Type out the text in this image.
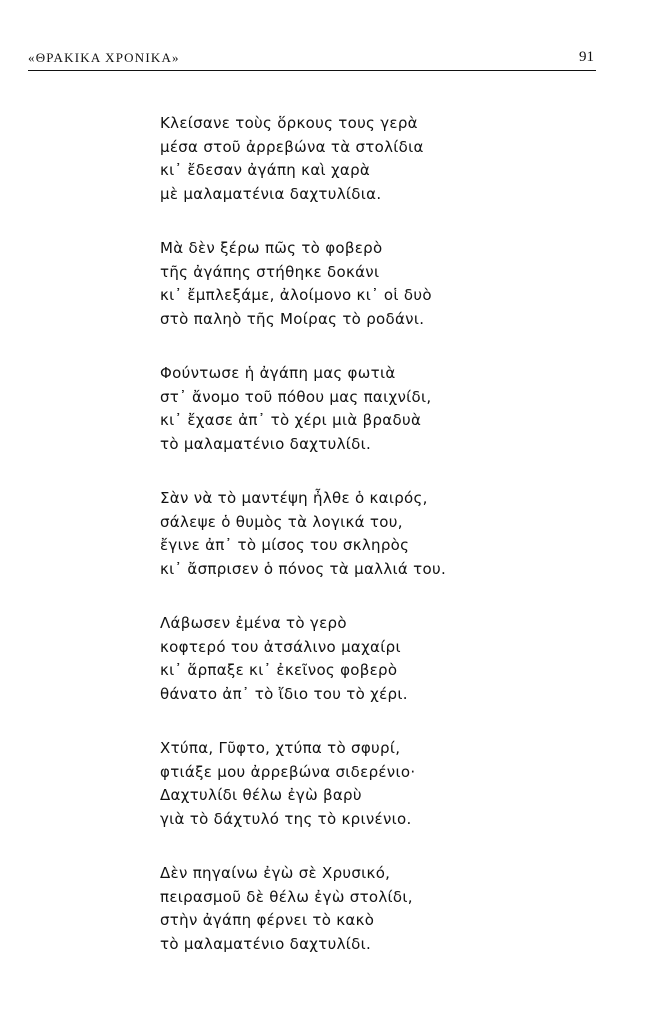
«ΘΡΑΚΙΚΑ ΧΡΟΝΙΚΑ»	91
Κλείσανε τοὺς ὅρκους τους γερὰ
μέσα στοῦ ἀρρεβώνα τὰ στολίδια
κι᾿ ἔδεσαν ἀγάπη καὶ χαρὰ
μὲ μαλαματένια δαχτυλίδια.
Μὰ δὲν ξέρω πῶς τὸ φοβερὸ
τῆς ἀγάπης στήθηκε δοκάνι
κι᾿ ἔμπλεξάμε, ἀλοίμονο κι᾿ οἱ δυὸ
στὸ παληὸ τῆς Μοίρας τὸ ροδάνι.
Φούντωσε ἡ ἀγάπη μας φωτιὰ
στ᾿ ἄνομο τοῦ πόθου μας παιχνίδι,
κι᾿ ἔχασε ἀπ᾿ τὸ χέρι μιὰ βραδυὰ
τὸ μαλαματένιο δαχτυλίδι.
Σὰν νὰ τὸ μαντέψη ἦλθε ὁ καιρός,
σάλεψε ὁ θυμὸς τὰ λογικά του,
ἔγινε ἀπ᾿ τὸ μίσος του σκληρὸς
κι᾿ ἄσπρισεν ὁ πόνος τὰ μαλλιά του.
Λάβωσεν ἐμένα τὸ γερὸ
κοφτερό του ἀτσάλινο μαχαίρι
κι᾿ ἅρπαξε κι᾿ ἐκεῖνος φοβερὸ
θάνατο ἀπ᾿ τὸ ἴδιο του τὸ χέρι.
Χτύπα, Γῦφτο, χτύπα τὸ σφυρί,
φτιάξε μου ἀρρεβώνα σιδερένιο·
Δαχτυλίδι θέλω ἐγὼ βαρὺ
γιὰ τὸ δάχτυλό της τὸ κρινένιο.
Δὲν πηγαίνω ἐγὼ σὲ Χρυσικό,
πειρασμοῦ δὲ θέλω ἐγὼ στολίδι,
στὴν ἀγάπη φέρνει τὸ κακὸ
τὸ μαλαματένιο δαχτυλίδι.
